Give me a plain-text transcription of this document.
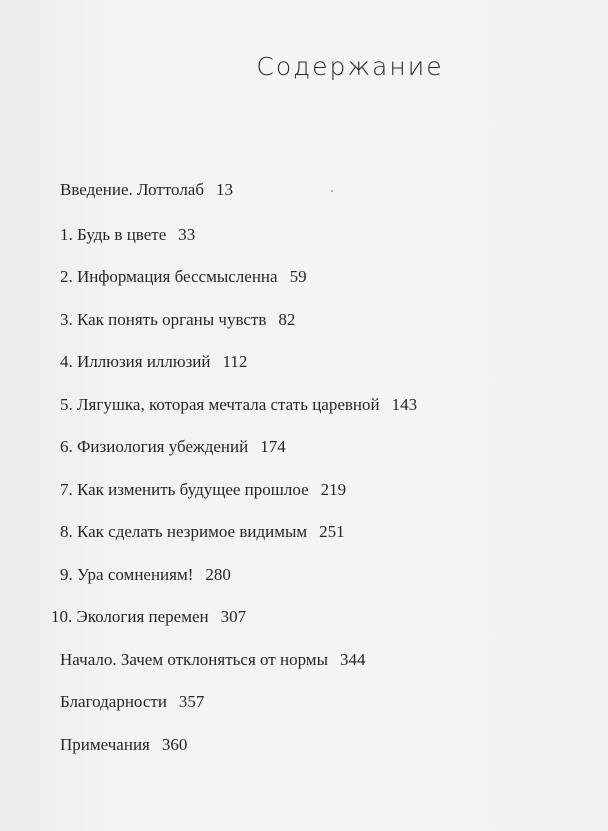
Содержание
Введение. Лоттолаб 13
1. Будь в цвете 33
2. Информация бессмысленна 59
3. Как понять органы чувств 82
4. Иллюзия иллюзий 112
5. Лягушка, которая мечтала стать царевной 143
6. Физиология убеждений 174
7. Как изменить будущее прошлое 219
8. Как сделать незримое видимым 251
9. Ура сомнениям! 280
10. Экология перемен 307
Начало. Зачем отклоняться от нормы 344
Благодарности 357
Примечания 360
